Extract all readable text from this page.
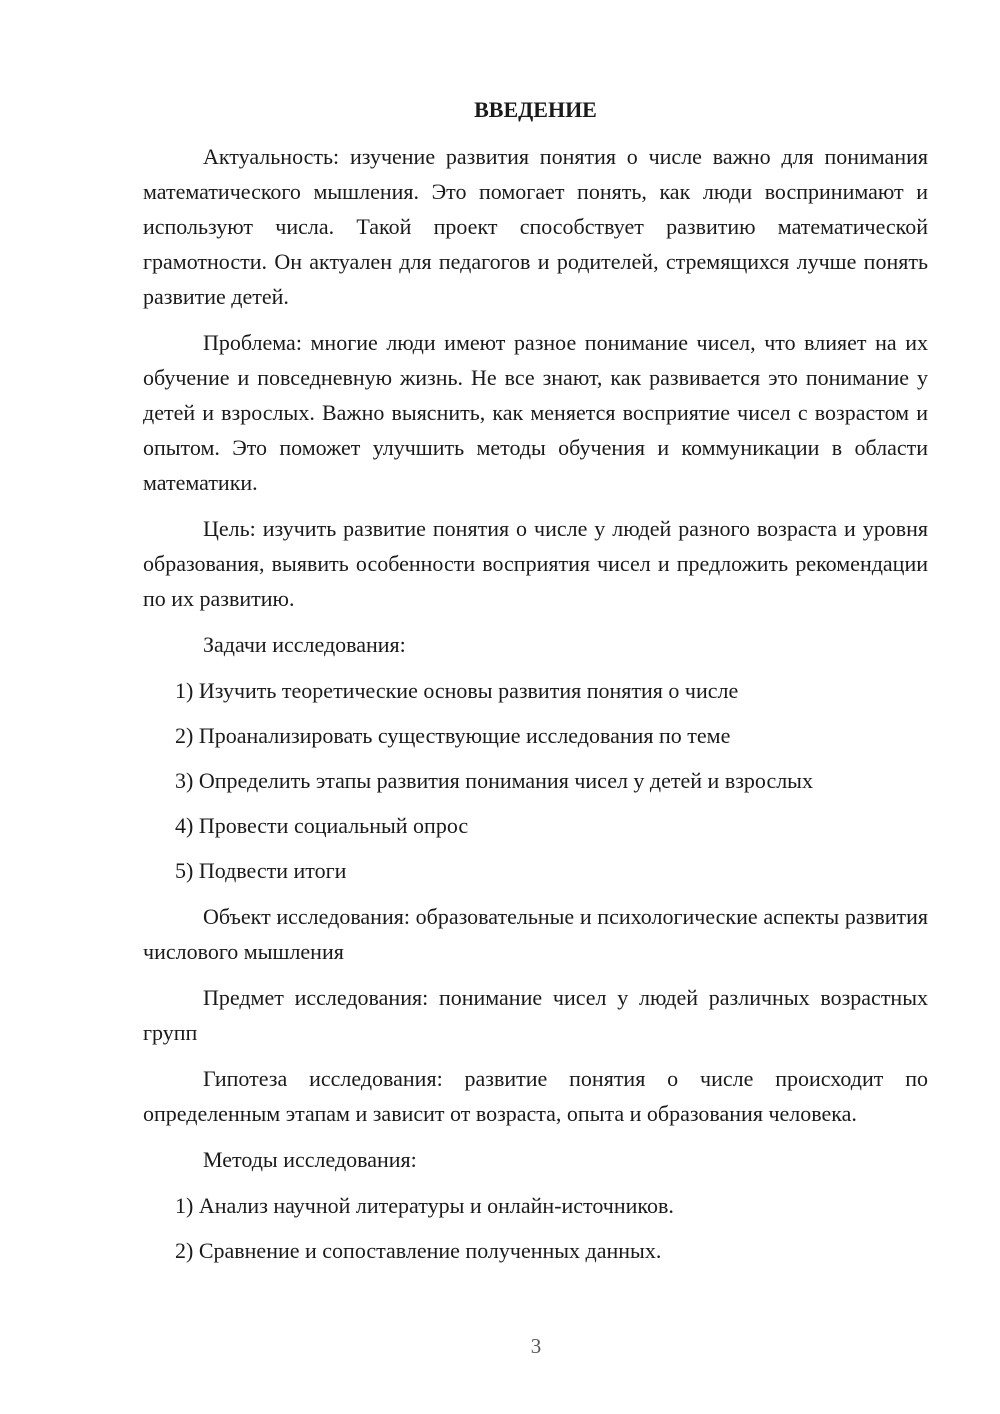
ВВЕДЕНИЕ

Актуальность: изучение развития понятия о числе важно для понимания математического мышления. Это помогает понять, как люди воспринимают и используют числа. Такой проект способствует развитию математической грамотности. Он актуален для педагогов и родителей, стремящихся лучше понять развитие детей.

Проблема: многие люди имеют разное понимание чисел, что влияет на их обучение и повседневную жизнь. Не все знают, как развивается это понимание у детей и взрослых. Важно выяснить, как меняется восприятие чисел с возрастом и опытом. Это поможет улучшить методы обучения и коммуникации в области математики.

Цель: изучить развитие понятия о числе у людей разного возраста и уровня образования, выявить особенности восприятия чисел и предложить рекомендации по их развитию.

Задачи исследования:

1) Изучить теоретические основы развития понятия о числе
2) Проанализировать существующие исследования по теме
3) Определить этапы развития понимания чисел у детей и взрослых
4) Провести социальный опрос
5) Подвести итоги

Объект исследования: образовательные и психологические аспекты развития числового мышления

Предмет исследования: понимание чисел у людей различных возрастных групп

Гипотеза исследования: развитие понятия о числе происходит по определенным этапам и зависит от возраста, опыта и образования человека.

Методы исследования:

1) Анализ научной литературы и онлайн-источников.
2) Сравнение и сопоставление полученных данных.
3
